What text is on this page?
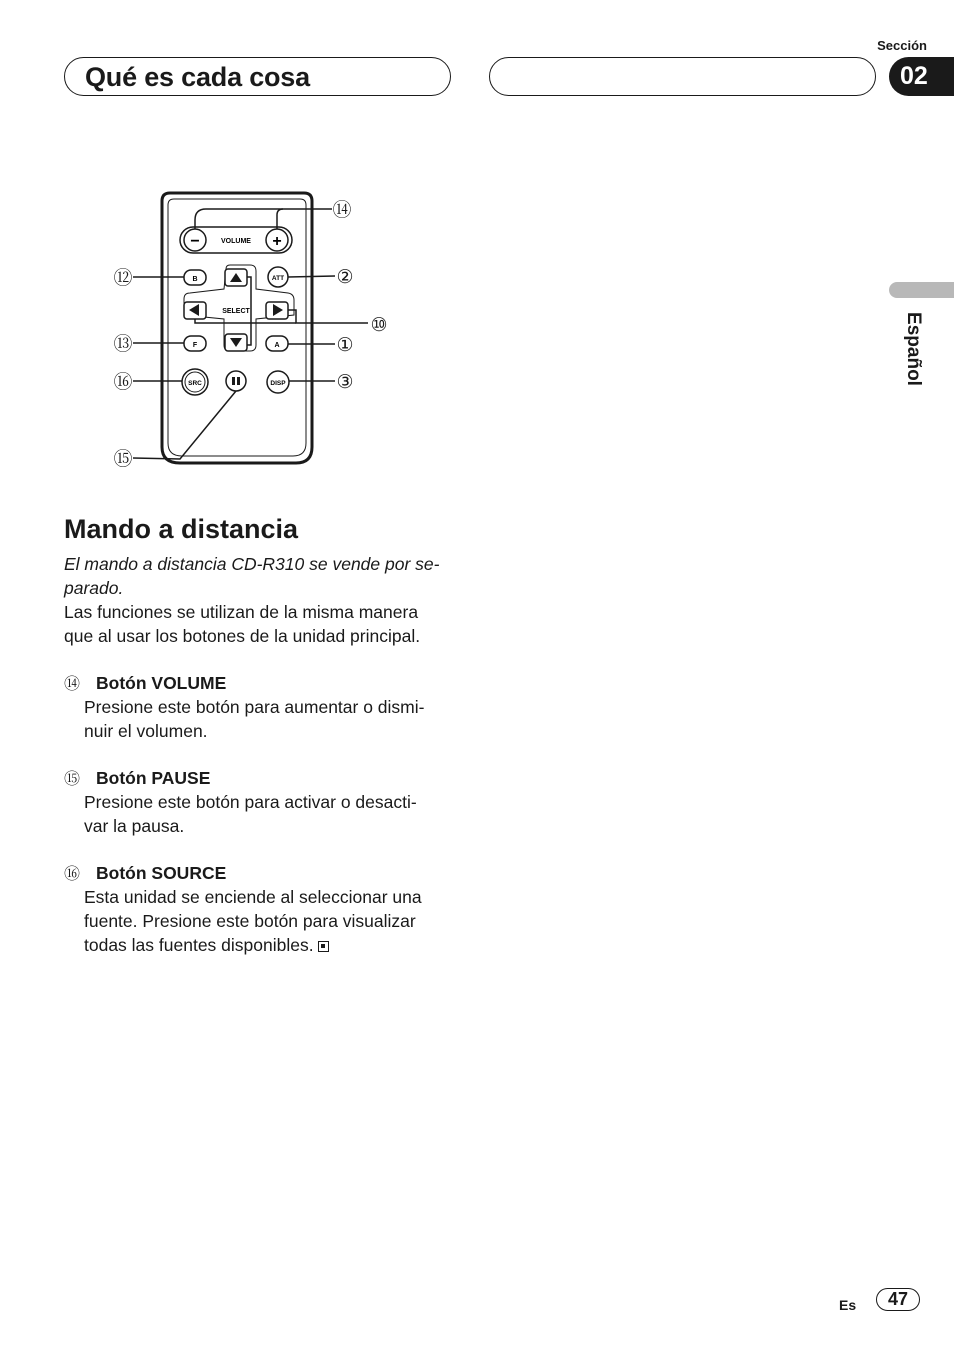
Qué es cada cosa
Sección
02
Español
−	+
VOLUME
B	ATT
SELECT
F	A
SRC	DISP
⑭
⑫	②
⑩
⑬	①
⑯	③
⑮
Mando a distancia
El mando a distancia CD-R310 se vende por se-
parado.
Las funciones se utilizan de la misma manera
que al usar los botones de la unidad principal.
⑭ Botón VOLUME
Presione este botón para aumentar o dismi-
nuir el volumen.
⑮ Botón PAUSE
Presione este botón para activar o desacti-
var la pausa.
⑯ Botón SOURCE
Esta unidad se enciende al seleccionar una
fuente. Presione este botón para visualizar
todas las fuentes disponibles.
Es	47
